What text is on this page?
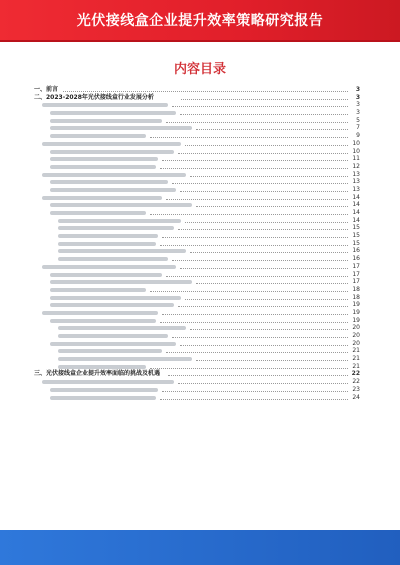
光伏接线盒企业提升效率策略研究报告
内容目录
一、前言	3
二、2023-2028年光伏接线盒行业发展分析	3
3
3
5
7
9
10
10
11
12
13
13
13
14
14
14
14
15
15
15
16
16
17
17
17
18
18
19
19
19
20
20
20
21
21
21
三、光伏接线盒企业提升效率面临的挑战及机遇	22
22
23
24
